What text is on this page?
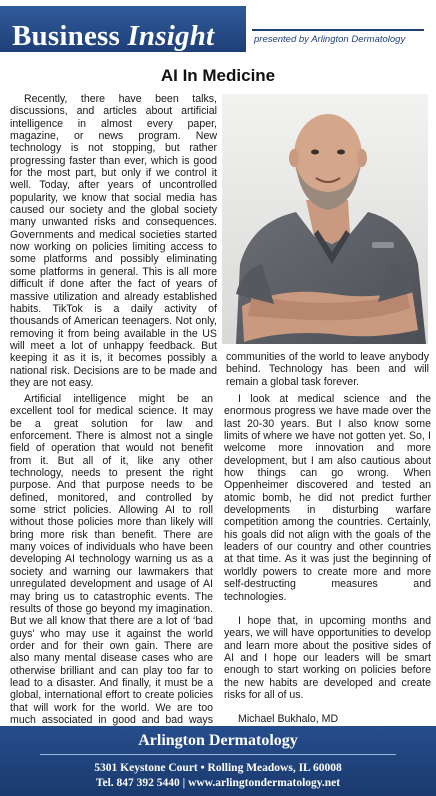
Business Insight	presented by Arlington Dermatology
AI In Medicine

Recently, there have been talks, discussions, and articles about artificial intelligence in almost every paper, magazine, or news program. New technology is not stopping, but rather progressing faster than ever, which is good for the most part, but only if we control it well. Today, after years of uncontrolled popularity, we know that social media has caused our society and the global society many unwanted risks and consequences. Governments and medical societies started now working on policies limiting access to some platforms and possibly eliminating some platforms in general. This is all more difficult if done after the fact of years of massive utilization and already established habits. TikTok is a daily activity of thousands of American teenagers. Not only, removing it from being available in the US will meet a lot of unhappy feedback. But keeping it as it is, it becomes possibly a national risk. Decisions are to be made and they are not easy.

communities of the world to leave anybody behind. Technology has been and will remain a global task forever.

Artificial intelligence might be an excellent tool for medical science. It may be a great solution for law and enforcement. There is almost not a single field of operation that would not benefit from it. But all of it, like any other technology, needs to present the right purpose. And that purpose needs to be defined, monitored, and controlled by some strict policies. Allowing AI to roll without those policies more than likely will bring more risk than benefit. There are many voices of individuals who have been developing AI technology warning us as a society and warning our lawmakers that unregulated development and usage of AI may bring us to catastrophic events. The results of those go beyond my imagination. But we all know that there are a lot of ‘bad guys’ who may use it against the world order and for their own gain. There are also many mental disease cases who are otherwise brilliant and can play too far to lead to a disaster. And finally, it must be a global, international effort to create policies that will work for the world. We are too much associated in good and bad ways

I look at medical science and the enormous progress we have made over the last 20-30 years. But I also know some limits of where we have not gotten yet. So, I welcome more innovation and more development, but I am also cautious about how things can go wrong. When Oppenheimer discovered and tested an atomic bomb, he did not predict further developments in disturbing warfare competition among the countries. Certainly, his goals did not align with the goals of the leaders of our country and other countries at that time. As it was just the beginning of worldly powers to create more and more self-destructing measures and technologies.

I hope that, in upcoming months and years, we will have opportunities to develop and learn more about the positive sides of AI and I hope our leaders will be smart enough to start working on policies before the new habits are developed and create risks for all of us.

Michael Bukhalo, MD

Arlington Dermatology
5301 Keystone Court • Rolling Meadows, IL 60008
Tel. 847 392 5440 | www.arlingtondermatology.net
